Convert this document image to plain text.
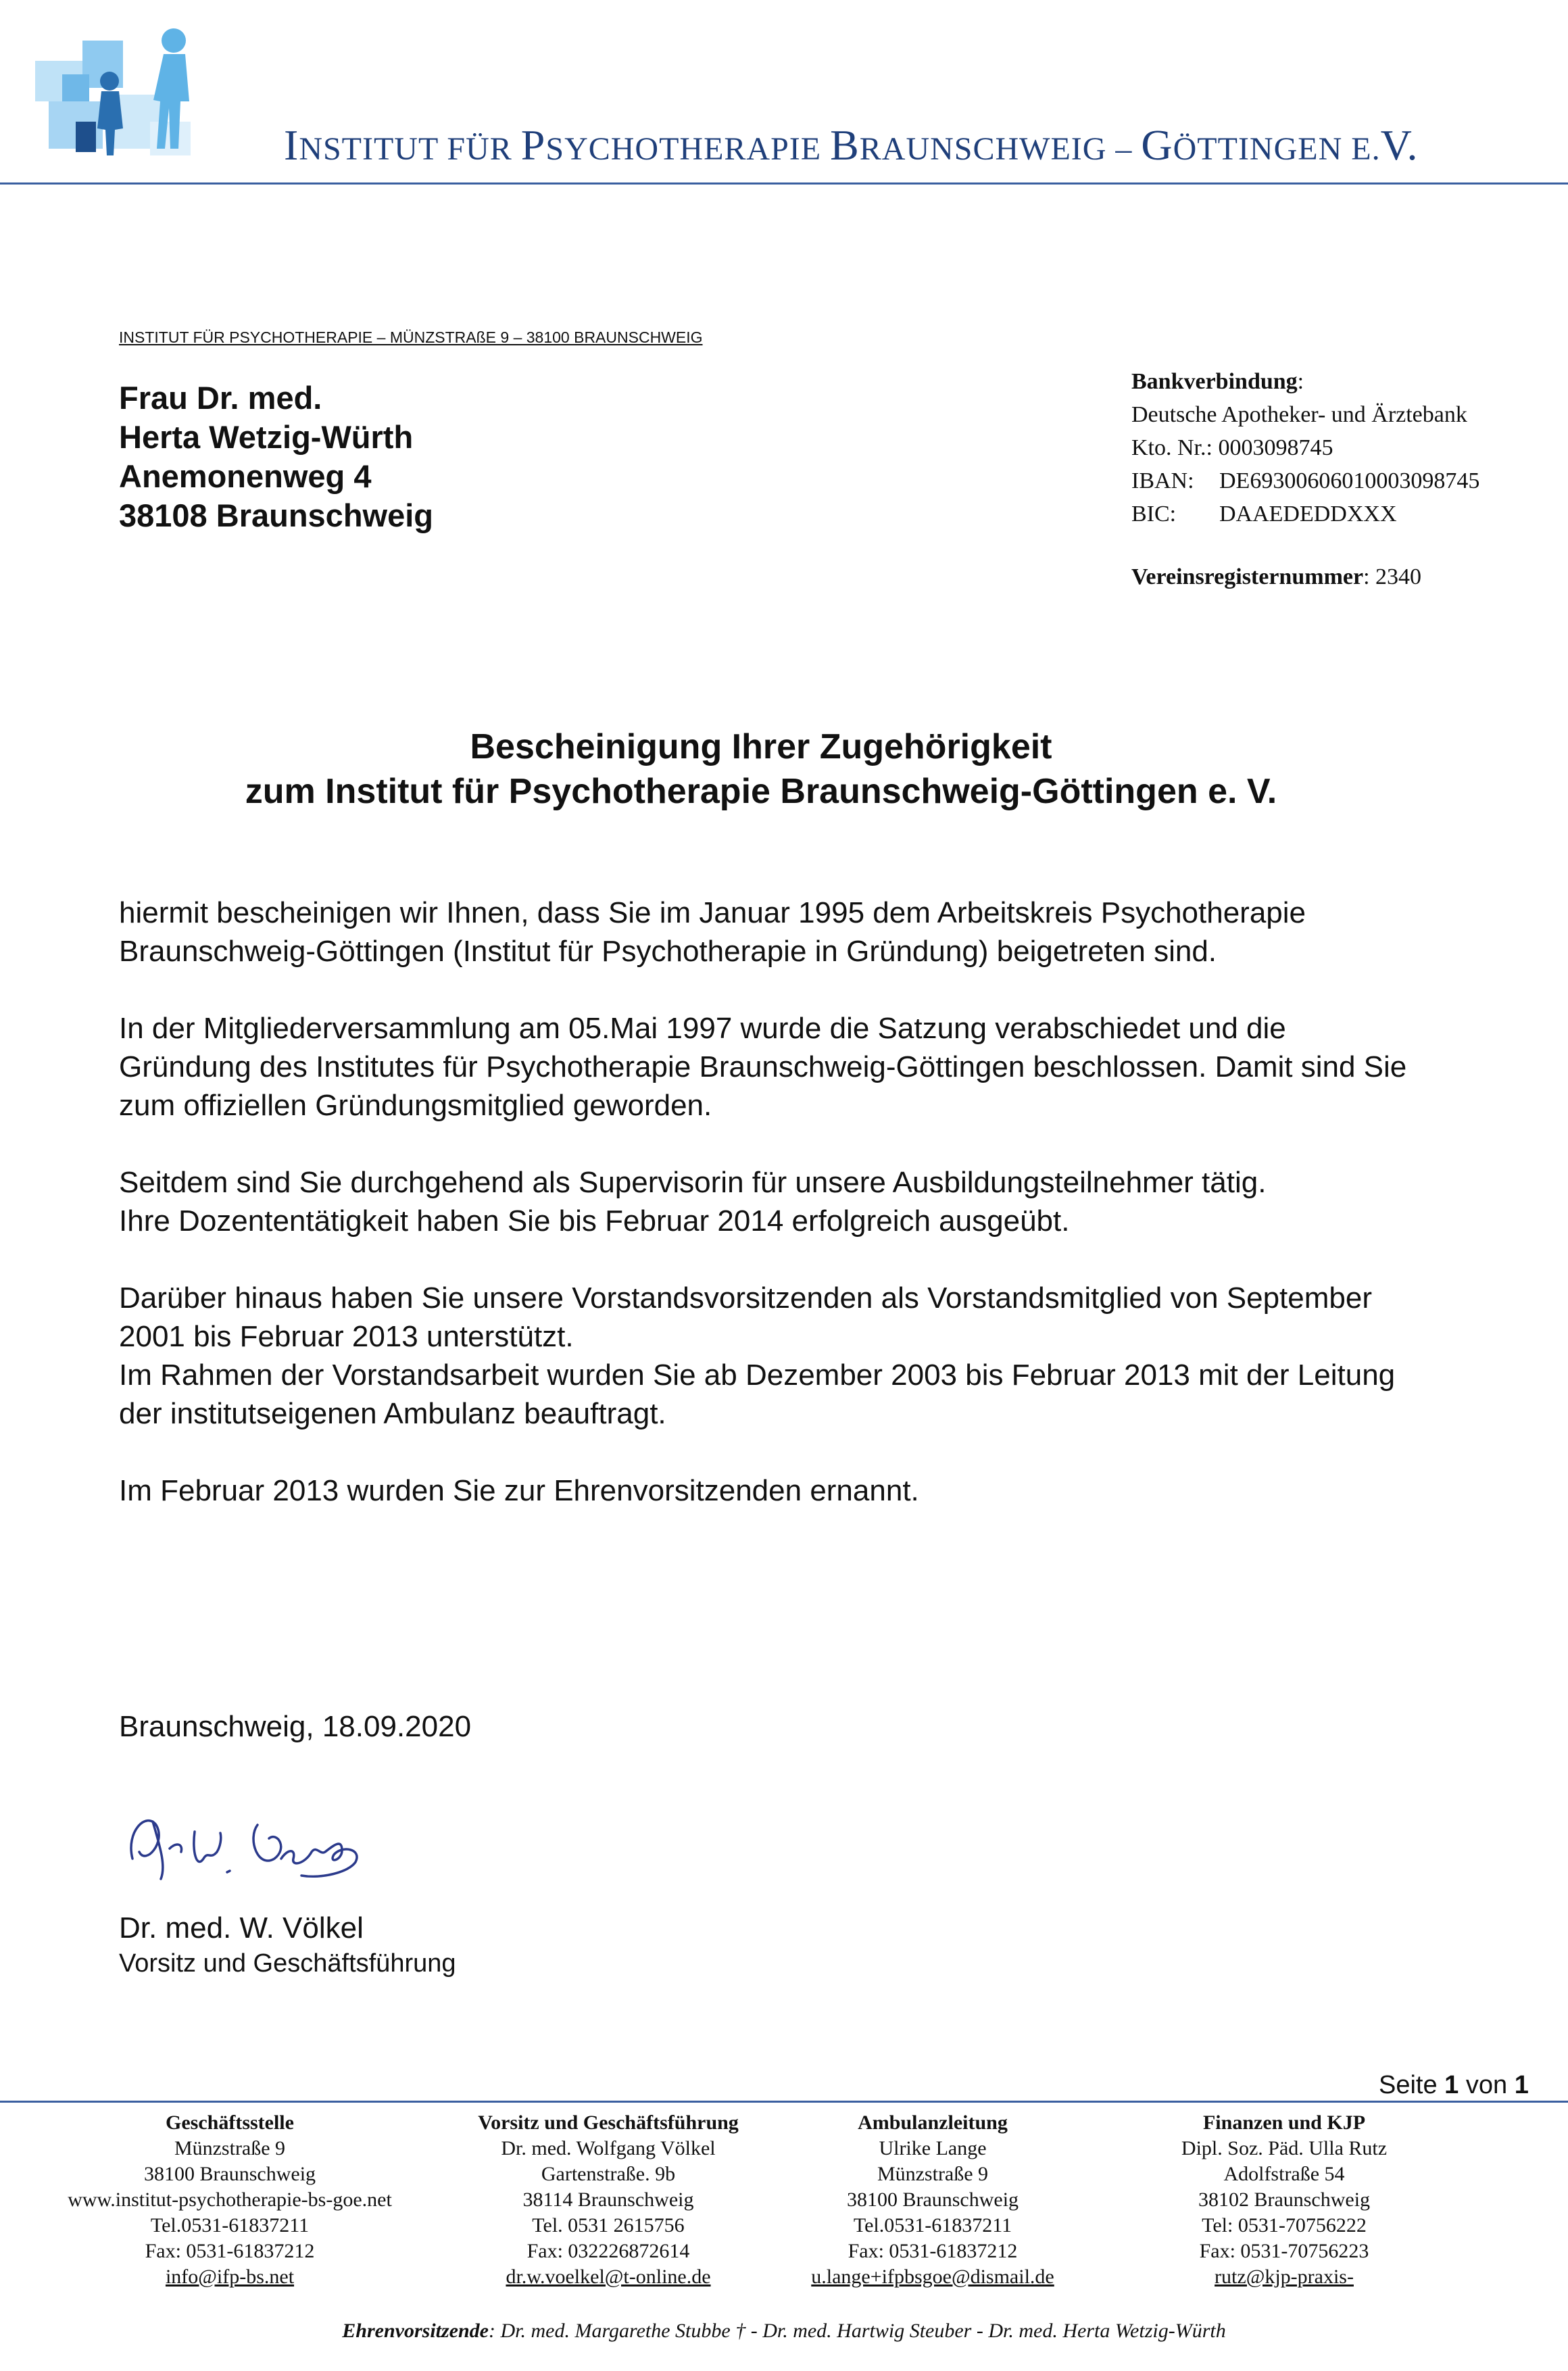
INSTITUT FÜR PSYCHOTHERAPIE BRAUNSCHWEIG – GÖTTINGEN E.V.
INSTITUT FÜR PSYCHOTHERAPIE – MÜNZSTRAßE 9 – 38100 BRAUNSCHWEIG
Frau Dr. med.
Herta Wetzig-Würth
Anemonenweg 4
38108 Braunschweig
Bankverbindung:
Deutsche Apotheker- und Ärztebank
Kto. Nr.: 0003098745
IBAN:	DE69300606010003098745
BIC:	DAAEDEDDXXX
Vereinsregisternummer: 2340
Bescheinigung Ihrer Zugehörigkeit
zum Institut für Psychotherapie Braunschweig-Göttingen e. V.

hiermit bescheinigen wir Ihnen, dass Sie im Januar 1995 dem Arbeitskreis Psychotherapie Braunschweig-Göttingen (Institut für Psychotherapie in Gründung) beigetreten sind.

In der Mitgliederversammlung am 05.Mai 1997 wurde die Satzung verabschiedet und die Gründung des Institutes für Psychotherapie Braunschweig-Göttingen beschlossen. Damit sind Sie zum offiziellen Gründungsmitglied geworden.

Seitdem sind Sie durchgehend als Supervisorin für unsere Ausbildungsteilnehmer tätig.
Ihre Dozententätigkeit haben Sie bis Februar 2014 erfolgreich ausgeübt.

Darüber hinaus haben Sie unsere Vorstandsvorsitzenden als Vorstandsmitglied von September 2001 bis Februar 2013 unterstützt.
Im Rahmen der Vorstandsarbeit wurden Sie ab Dezember 2003 bis Februar 2013 mit der Leitung der institutseigenen Ambulanz beauftragt.

Im Februar 2013 wurden Sie zur Ehrenvorsitzenden ernannt.

Braunschweig, 18.09.2020
Dr. med. W. Völkel
Vorsitz und Geschäftsführung
Seite 1 von 1
Geschäftsstelle
Münzstraße 9
38100 Braunschweig
www.institut-psychotherapie-bs-goe.net
Tel.0531-61837211
Fax: 0531-61837212
info@ifp-bs.net
Vorsitz und Geschäftsführung
Dr. med. Wolfgang Völkel
Gartenstraße. 9b
38114 Braunschweig
Tel. 0531 2615756
Fax: 032226872614
dr.w.voelkel@t-online.de
Ambulanzleitung
Ulrike Lange
Münzstraße 9
38100 Braunschweig
Tel.0531-61837211
Fax: 0531-61837212
u.lange+ifpbsgoe@dismail.de
Finanzen und KJP
Dipl. Soz. Päd. Ulla Rutz
Adolfstraße 54
38102 Braunschweig
Tel: 0531-70756222
Fax: 0531-70756223
rutz@kjp-praxis-
Ehrenvorsitzende: Dr. med. Margarethe Stubbe † - Dr. med. Hartwig Steuber - Dr. med. Herta Wetzig-Würth
